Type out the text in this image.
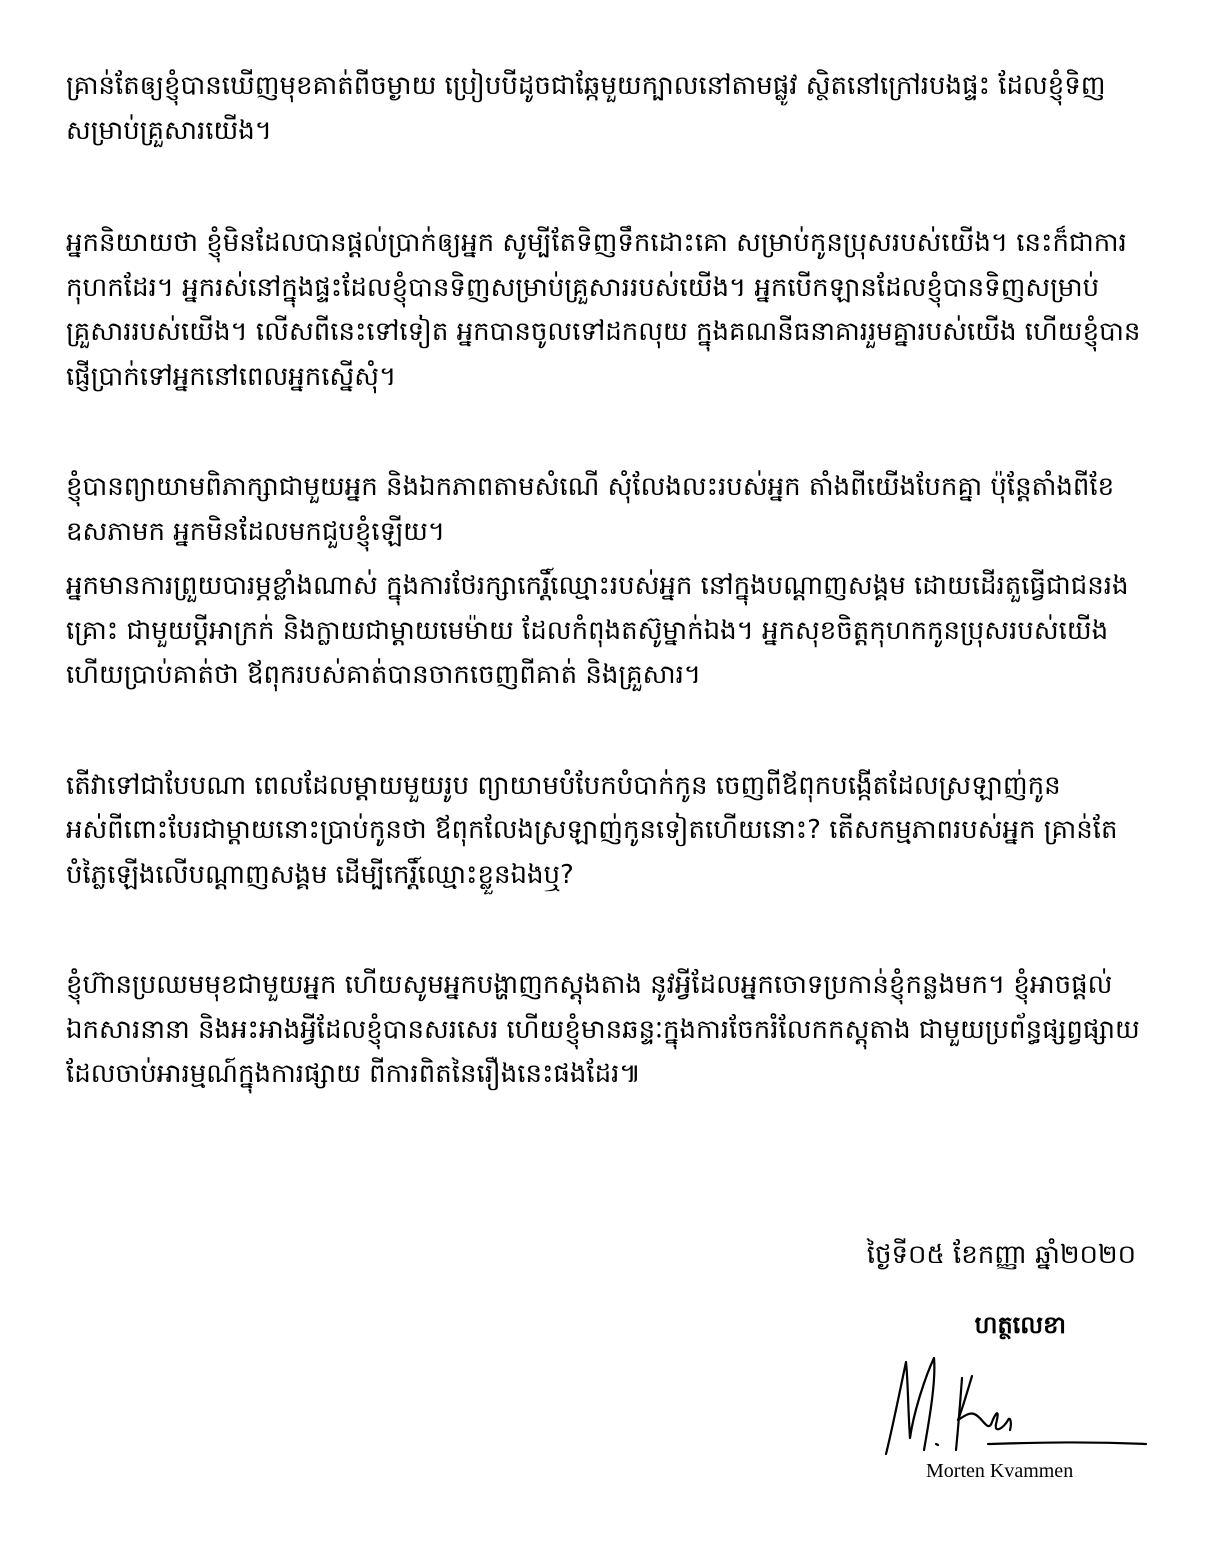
គ្រាន់តែឲ្យខ្ញុំបានឃើញមុខគាត់ពីចម្ងាយ ប្រៀបបីដូចជាឆ្កែមួយក្បាលនៅតាមផ្លូវ ស្ថិតនៅក្រៅរបងផ្ទះ ដែលខ្ញុំទិញសម្រាប់គ្រួសារយើង។

អ្នកនិយាយថា ខ្ញុំមិនដែលបានផ្តល់ប្រាក់ឲ្យអ្នក សូម្បីតែទិញទឹកដោះគោ សម្រាប់កូនប្រុសរបស់យើង។ នេះក៏ជាការកុហកដែរ។ អ្នករស់នៅក្នុងផ្ទះដែលខ្ញុំបានទិញសម្រាប់គ្រួសាររបស់យើង។ អ្នកបើកឡានដែលខ្ញុំបានទិញសម្រាប់គ្រួសាររបស់យើង។ លើសពីនេះទៅទៀត អ្នកបានចូលទៅដកលុយ ក្នុងគណនីធនាគាររួមគ្នារបស់យើង ហើយខ្ញុំបានផ្ញើប្រាក់ទៅអ្នកនៅពេលអ្នកស្នើសុំ។

ខ្ញុំបានព្យាយាមពិភាក្សាជាមួយអ្នក និងឯកភាពតាមសំណើ សុំលែងលះរបស់អ្នក តាំងពីយើងបែកគ្នា ប៉ុន្តែតាំងពីខែឧសភាមក អ្នកមិនដែលមកជួបខ្ញុំឡើយ។

អ្នកមានការព្រួយបារម្ភខ្លាំងណាស់ ក្នុងការថែរក្សាកេរ្តិ៍ឈ្មោះរបស់អ្នក នៅក្នុងបណ្តាញសង្គម ដោយដើរតួធ្វើជាជនរងគ្រោះ ជាមួយប្តីអាក្រក់ និងក្លាយជាម្តាយមេម៉ាយ ដែលកំពុងតស៊ូម្នាក់ឯង។ អ្នកសុខចិត្តកុហកកូនប្រុសរបស់យើង ហើយប្រាប់គាត់ថា ឪពុករបស់គាត់បានចាកចេញពីគាត់ និងគ្រួសារ។

តើវាទៅជាបែបណា ពេលដែលម្តាយមួយរូប ព្យាយាមបំបែកបំបាក់កូន ចេញពីឪពុកបង្កើតដែលស្រឡាញ់កូនអស់ពីពោះបែរជាម្តាយនោះប្រាប់កូនថា ឪពុកលែងស្រឡាញ់កូនទៀតហើយនោះ? តើសកម្មភាពរបស់អ្នក គ្រាន់តែបំភ្លៃឡើងលើបណ្តាញសង្គម ដើម្បីកេរ្តិ៍ឈ្មោះខ្លួនឯងឬ?

ខ្ញុំហ៊ានប្រឈមមុខជាមួយអ្នក ហើយសូមអ្នកបង្ហាញកស្តុងតាង នូវអ្វីដែលអ្នកចោទប្រកាន់ខ្ញុំកន្លងមក។ ខ្ញុំអាចផ្តល់ឯកសារនានា និងអះអាងអ្វីដែលខ្ញុំបានសរសេរ ហើយខ្ញុំមានឆន្ទៈក្នុងការចែករំលែកកស្តុតាង ជាមួយប្រព័ន្ធផ្សព្វផ្សាយ ដែលចាប់អារម្មណ៍ក្នុងការផ្សាយ ពីការពិតនៃរឿងនេះផងដែរ៕

ថ្ងៃទី០៥ ខែកញ្ញា ឆ្នាំ២០២០
ហត្ថលេខា
Morten Kvammen
